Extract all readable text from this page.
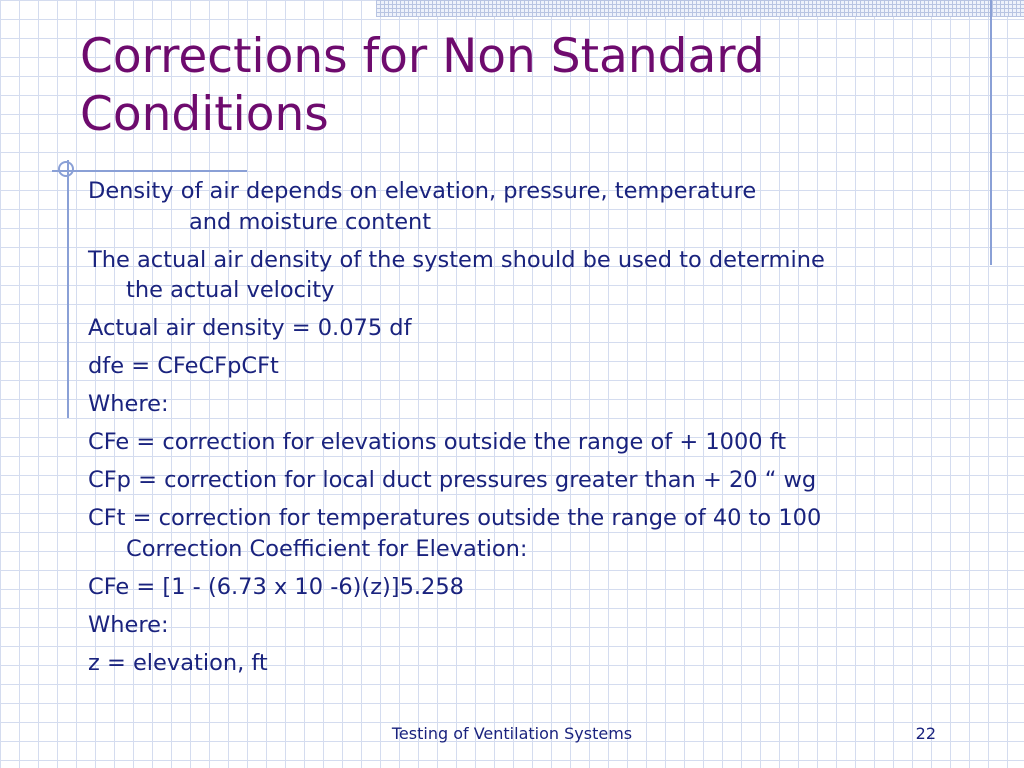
Corrections for Non Standard Conditions
Density of air depends on elevation, pressure, temperature
and moisture content
The actual air density of the system should be used to determine
the actual velocity
Actual air density = 0.075 df
dfe = CFeCFpCFt
Where:
CFe = correction for elevations outside the range of + 1000 ft
CFp = correction for local duct pressures greater than + 20 “ wg
CFt = correction for temperatures outside the range of 40 to 100
Correction Coefficient for Elevation:
CFe = [1 - (6.73 x 10 -6)(z)]5.258
Where:
z = elevation, ft
Testing of Ventilation Systems	22
